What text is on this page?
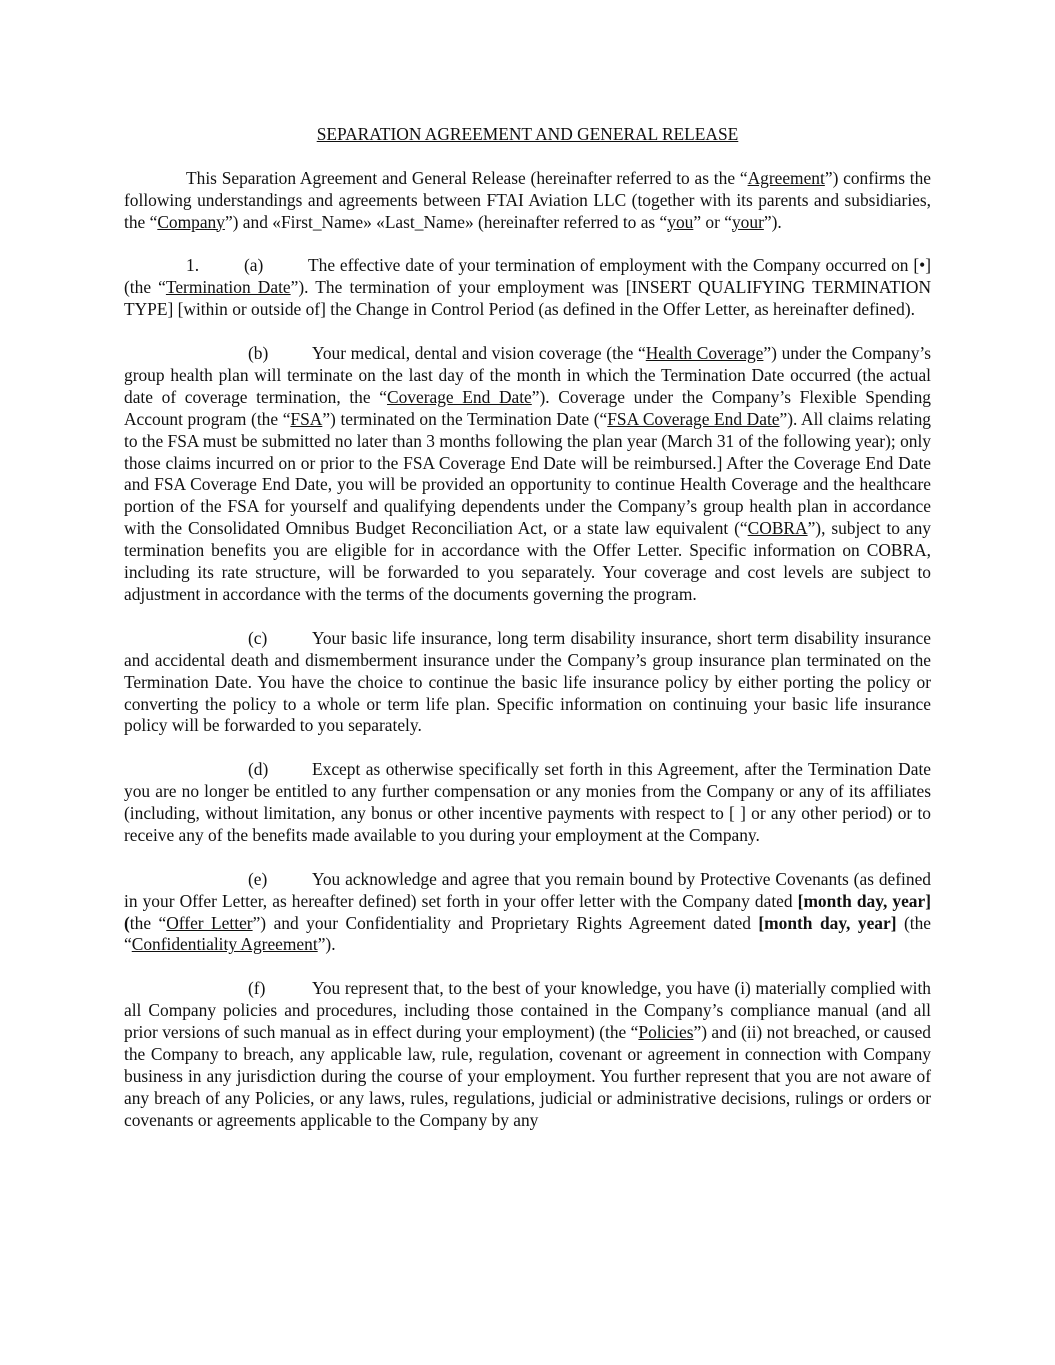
SEPARATION AGREEMENT AND GENERAL RELEASE

This Separation Agreement and General Release (hereinafter referred to as the “Agreement”) confirms the following understandings and agreements between FTAI Aviation LLC (together with its parents and subsidiaries, the “Company”) and «First_Name» «Last_Name» (hereinafter referred to as “you” or “your”).

1.	(a)	The effective date of your termination of employment with the Company occurred on [•] (the “Termination Date”). The termination of your employment was [INSERT QUALIFYING TERMINATION TYPE] [within or outside of] the Change in Control Period (as defined in the Offer Letter, as hereinafter defined).

(b)	Your medical, dental and vision coverage (the “Health Coverage”) under the Company’s group health plan will terminate on the last day of the month in which the Termination Date occurred (the actual date of coverage termination, the “Coverage End Date”). Coverage under the Company’s Flexible Spending Account program (the “FSA”) terminated on the Termination Date (“FSA Coverage End Date”). All claims relating to the FSA must be submitted no later than 3 months following the plan year (March 31 of the following year); only those claims incurred on or prior to the FSA Coverage End Date will be reimbursed.] After the Coverage End Date and FSA Coverage End Date, you will be provided an opportunity to continue Health Coverage and the healthcare portion of the FSA for yourself and qualifying dependents under the Company’s group health plan in accordance with the Consolidated Omnibus Budget Reconciliation Act, or a state law equivalent (“COBRA”), subject to any termination benefits you are eligible for in accordance with the Offer Letter. Specific information on COBRA, including its rate structure, will be forwarded to you separately. Your coverage and cost levels are subject to adjustment in accordance with the terms of the documents governing the program.

(c)	Your basic life insurance, long term disability insurance, short term disability insurance and accidental death and dismemberment insurance under the Company’s group insurance plan terminated on the Termination Date. You have the choice to continue the basic life insurance policy by either porting the policy or converting the policy to a whole or term life plan. Specific information on continuing your basic life insurance policy will be forwarded to you separately.

(d)	Except as otherwise specifically set forth in this Agreement, after the Termination Date you are no longer be entitled to any further compensation or any monies from the Company or any of its affiliates (including, without limitation, any bonus or other incentive payments with respect to [ ] or any other period) or to receive any of the benefits made available to you during your employment at the Company.

(e)	You acknowledge and agree that you remain bound by Protective Covenants (as defined in your Offer Letter, as hereafter defined) set forth in your offer letter with the Company dated [month day, year] (the “Offer Letter”) and your Confidentiality and Proprietary Rights Agreement dated [month day, year] (the “Confidentiality Agreement”).

(f)	You represent that, to the best of your knowledge, you have (i) materially complied with all Company policies and procedures, including those contained in the Company’s compliance manual (and all prior versions of such manual as in effect during your employment) (the “Policies”) and (ii) not breached, or caused the Company to breach, any applicable law, rule, regulation, covenant or agreement in connection with Company business in any jurisdiction during the course of your employment. You further represent that you are not aware of any breach of any Policies, or any laws, rules, regulations, judicial or administrative decisions, rulings or orders or covenants or agreements applicable to the Company by any
